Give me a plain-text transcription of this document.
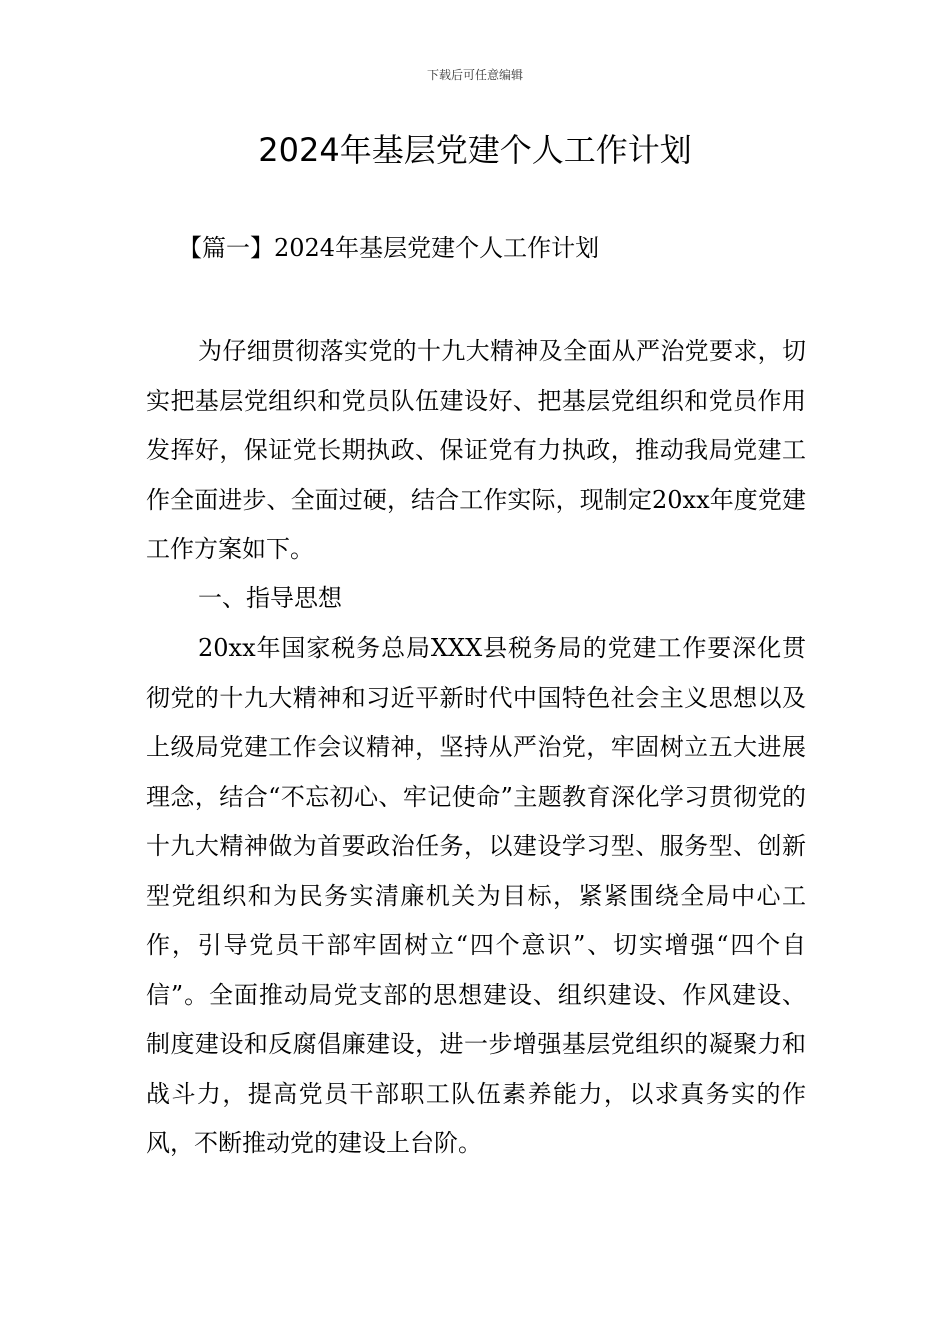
下载后可任意编辑
2024年基层党建个人工作计划
【篇一】2024年基层党建个人工作计划

为仔细贯彻落实党的十九大精神及全面从严治党要求，切实把基层党组织和党员队伍建设好、把基层党组织和党员作用发挥好，保证党长期执政、保证党有力执政，推动我局党建工作全面进步、全面过硬，结合工作实际，现制定20xx年度党建工作方案如下。

一、指导思想

20xx年国家税务总局XXX县税务局的党建工作要深化贯彻党的十九大精神和习近平新时代中国特色社会主义思想以及上级局党建工作会议精神，坚持从严治党，牢固树立五大进展理念，结合“不忘初心、牢记使命”主题教育深化学习贯彻党的十九大精神做为首要政治任务，以建设学习型、服务型、创新型党组织和为民务实清廉机关为目标，紧紧围绕全局中心工作，引导党员干部牢固树立“四个意识”、切实增强“四个自信”。全面推动局党支部的思想建设、组织建设、作风建设、制度建设和反腐倡廉建设，进一步增强基层党组织的凝聚力和战斗力，提高党员干部职工队伍素养能力，以求真务实的作风，不断推动党的建设上台阶。
